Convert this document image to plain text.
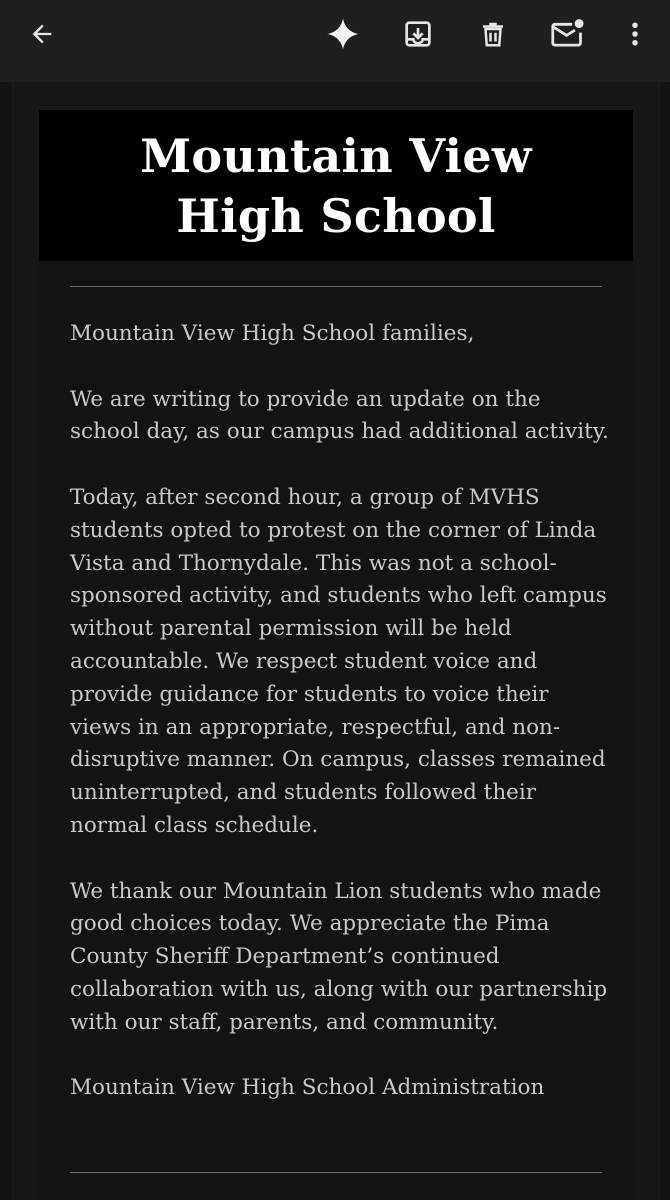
Mountain View High School

Mountain View High School families,

We are writing to provide an update on the school day, as our campus had additional activity.

Today, after second hour, a group of MVHS students opted to protest on the corner of Linda Vista and Thornydale. This was not a school-sponsored activity, and students who left campus without parental permission will be held accountable. We respect student voice and provide guidance for students to voice their views in an appropriate, respectful, and non-disruptive manner. On campus, classes remained uninterrupted, and students followed their normal class schedule.

We thank our Mountain Lion students who made good choices today. We appreciate the Pima County Sheriff Department’s continued collaboration with us, along with our partnership with our staff, parents, and community.

Mountain View High School Administration
